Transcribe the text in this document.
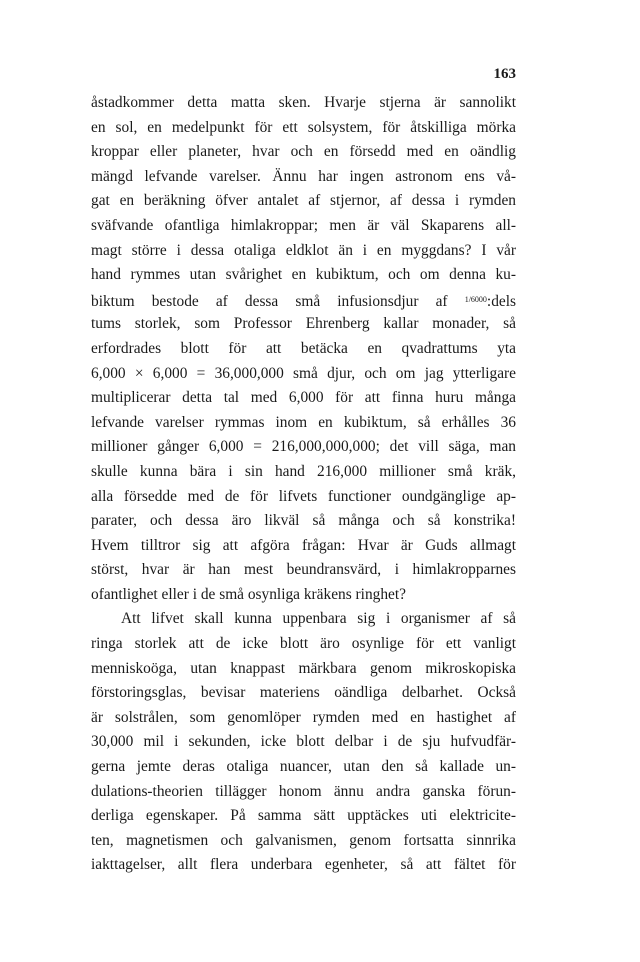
163
åstadkommer detta matta sken. Hvarje stjerna är sannolikt
en sol, en medelpunkt för ett solsystem, för åtskilliga mörka
kroppar eller planeter, hvar och en försedd med en oändlig
mängd lefvande varelser. Ännu har ingen astronom ens vå-
gat en beräkning öfver antalet af stjernor, af dessa i rymden
sväfvande ofantliga himlakroppar; men är väl Skaparens all-
magt större i dessa otaliga eldklot än i en myggdans? I vår
hand rymmes utan svårighet en kubiktum, och om denna ku-
biktum bestode af dessa små infusionsdjur af $^{1/6000}$:dels
tums storlek, som Professor Ehrenberg kallar monader, så
erfordrades blott för att betäcka en qvadrattums yta
6,000 × 6,000 = 36,000,000 små djur, och om jag ytterligare
multiplicerar detta tal med 6,000 för att finna huru många
lefvande varelser rymmas inom en kubiktum, så erhålles 36
millioner gånger 6,000 = 216,000,000,000; det vill säga, man
skulle kunna bära i sin hand 216,000 millioner små kräk,
alla försedde med de för lifvets functioner oundgänglige ap-
parater, och dessa äro likväl så många och så konstrika!
Hvem tilltror sig att afgöra frågan: Hvar är Guds allmagt
störst, hvar är han mest beundransvärd, i himlakropparnes
ofantlighet eller i de små osynliga kräkens ringhet?
Att lifvet skall kunna uppenbara sig i organismer af så
ringa storlek att de icke blott äro osynlige för ett vanligt
menniskoöga, utan knappast märkbara genom mikroskopiska
förstoringsglas, bevisar materiens oändliga delbarhet. Också
är solstrålen, som genomlöper rymden med en hastighet af
30,000 mil i sekunden, icke blott delbar i de sju hufvudfär-
gerna jemte deras otaliga nuancer, utan den så kallade un-
dulations-theorien tillägger honom ännu andra ganska förun-
derliga egenskaper. På samma sätt upptäckes uti elektricite-
ten, magnetismen och galvanismen, genom fortsatta sinnrika
iakttagelser, allt flera underbara egenheter, så att fältet för
